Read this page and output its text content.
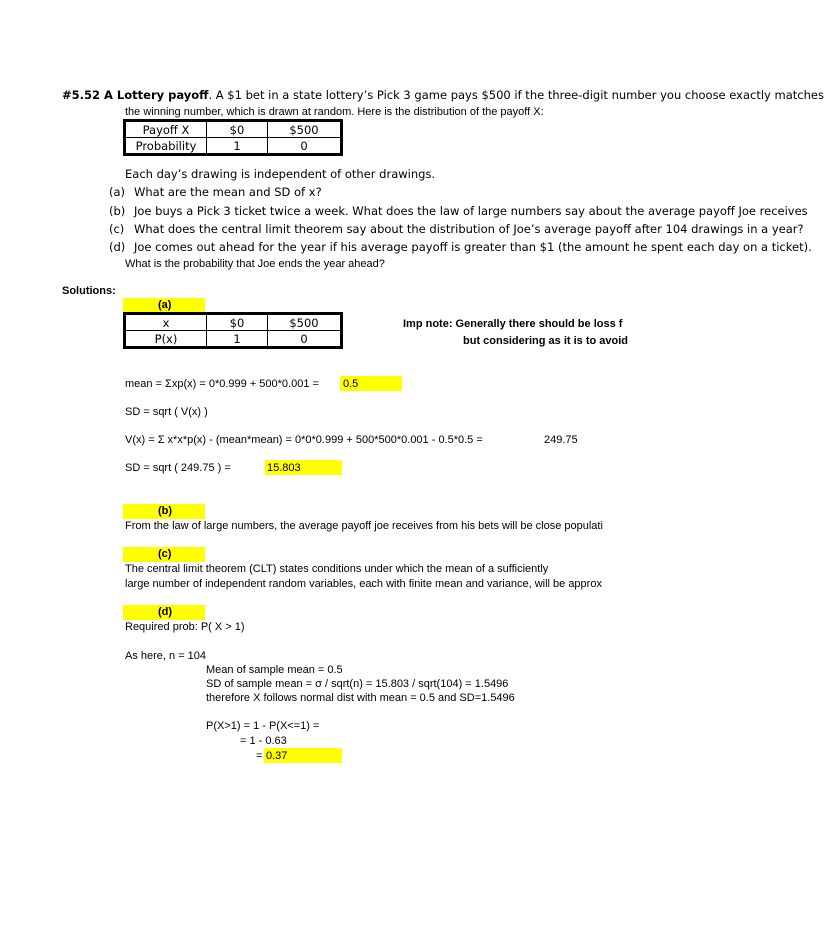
#5.52 A Lottery payoff. A $1 bet in a state lottery’s Pick 3 game pays $500 if the three-digit number you choose exactly matches
the winning number, which is drawn at random. Here is the distribution of the payoff X:
Payoff X	$0	$500
Probability	1	0
Each day’s drawing is independent of other drawings.
(a) What are the mean and SD of x?
(b) Joe buys a Pick 3 ticket twice a week. What does the law of large numbers say about the average payoff Joe receives
(c) What does the central limit theorem say about the distribution of Joe’s average payoff after 104 drawings in a year?
(d) Joe comes out ahead for the year if his average payoff is greater than $1 (the amount he spent each day on a ticket).
What is the probability that Joe ends the year ahead?
Solutions:
(a)
x	$0	$500
P(x)	1	0
Imp note: Generally there should be loss f
but considering as it is to avoid
mean = Σxp(x) = 0*0.999 + 500*0.001 = 0.5
SD = sqrt ( V(x) )
V(x) = Σ x*x*p(x) - (mean*mean) = 0*0*0.999 + 500*500*0.001 - 0.5*0.5 =	249.75
SD = sqrt ( 249.75 ) =	15.803
(b)
From the law of large numbers, the average payoff joe receives from his bets will be close populati
(c)
The central limit theorem (CLT) states conditions under which the mean of a sufficiently
large number of independent random variables, each with finite mean and variance, will be approx
(d)
Required prob: P( X > 1)
As here, n = 104
Mean of sample mean = 0.5
SD of sample mean = σ / sqrt(n) = 15.803 / sqrt(104) = 1.5496
therefore X follows normal dist with mean = 0.5 and SD=1.5496
P(X>1) = 1 - P(X<=1) =
= 1 - 0.63
= 0.37
